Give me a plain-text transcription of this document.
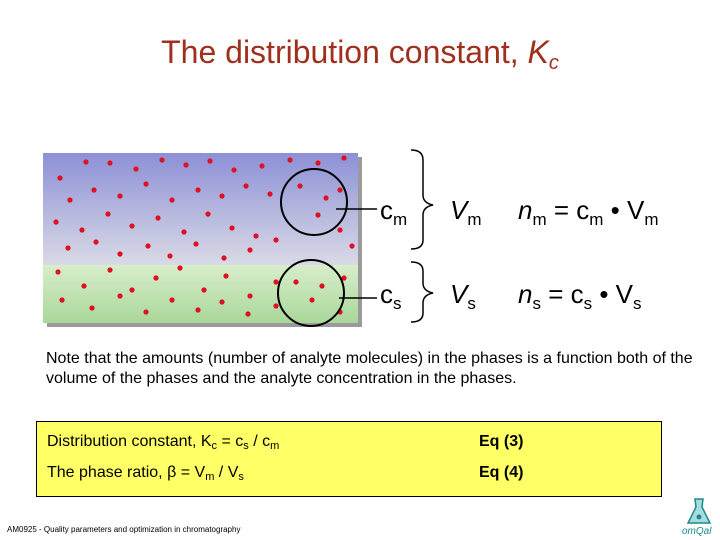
The distribution constant, $K_c$
$c_m$ $V_m$ $n_m = c_m$ • $V_m$
$c_s$ $V_s$ $n_s = c_s$ • $V_s$
Note that the amounts (number of analyte molecules) in the phases is a function both of the volume of the phases and the analyte concentration in the phases.
Distribution constant, $K_c = c_s / c_m$	Eq (3)
The phase ratio, $\beta = V_m / V_s$	Eq (4)
AM0925 - Quality parameters and optimization in chromatography	omQal
